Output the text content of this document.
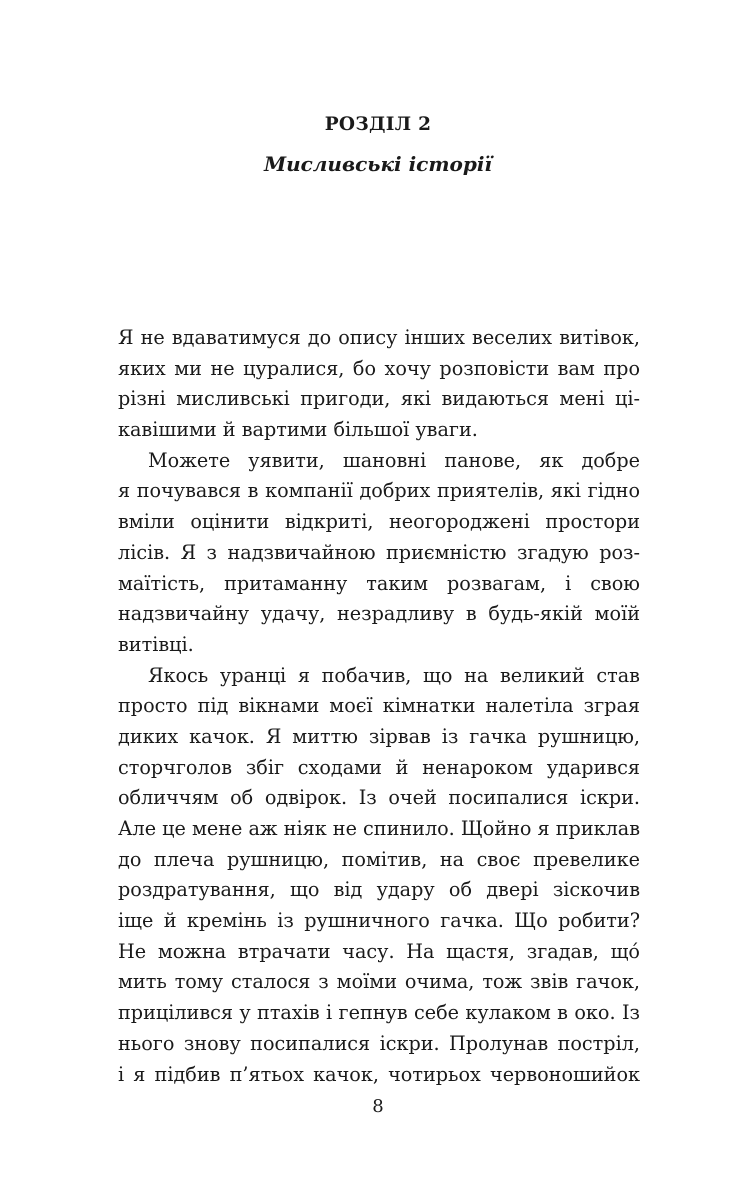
РОЗДІЛ 2
Мисливські історії
Я не вдаватимуся до опису інших веселих витівок,
яких ми не цуралися, бо хочу розповісти вам про
різні мисливські пригоди, які видаються мені ці-
кавішими й вартими більшої уваги.
Можете уявити, шановні панове, як добре
я почувався в компанії добрих приятелів, які гідно
вміли оцінити відкриті, неогороджені простори
лісів. Я з надзвичайною приємністю згадую роз-
маїтість, притаманну таким розвагам, і свою
надзвичайну удачу, незрадливу в будь-якій моїй
витівці.
Якось уранці я побачив, що на великий став
просто під вікнами моєї кімнатки налетіла зграя
диких качок. Я миттю зірвав із гачка рушницю,
сторчголов збіг сходами й ненароком ударився
обличчям об одвірок. Із очей посипалися іскри.
Але це мене аж ніяк не спинило. Щойно я приклав
до плеча рушницю, помітив, на своє превелике
роздратування, що від удару об двері зіскочив
іще й кремінь із рушничного гачка. Що робити?
Не можна втрачати часу. На щастя, згадав, що́
мить тому сталося з моїми очима, тож звів гачок,
прицілився у птахів і гепнув себе кулаком в око. Із
нього знову посипалися іскри. Пролунав постріл,
і я підбив п’ятьох качок, чотирьох червоношийок
8
